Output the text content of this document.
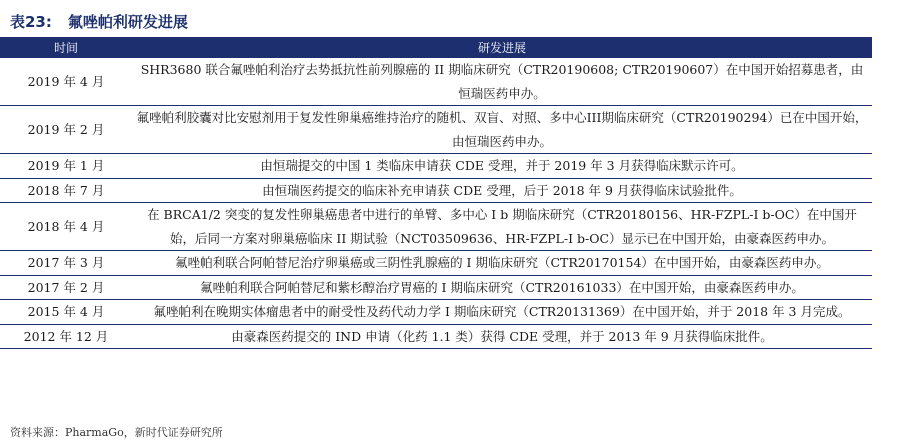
表23: 氟唑帕利研发进展
时间	研发进展
2019 年 4 月	SHR3680 联合氟唑帕利治疗去势抵抗性前列腺癌的 II 期临床研究（CTR20190608; CTR20190607）在中国开始招募患者，由恒瑞医药申办。
2019 年 2 月	氟唑帕利胶囊对比安慰剂用于复发性卵巢癌维持治疗的随机、双盲、对照、多中心III期临床研究（CTR20190294）已在中国开始，由恒瑞医药申办。
2019 年 1 月	由恒瑞提交的中国 1 类临床申请获 CDE 受理，并于 2019 年 3 月获得临床默示许可。
2018 年 7 月	由恒瑞医药提交的临床补充申请获 CDE 受理，后于 2018 年 9 月获得临床试验批件。
2018 年 4 月	在 BRCA1/2 突变的复发性卵巢癌患者中进行的单臂、多中心 I b 期临床研究（CTR20180156、HR-FZPL-I b-OC）在中国开始，后同一方案对卵巢癌临床 II 期试验（NCT03509636、HR-FZPL-I b-OC）显示已在中国开始，由豪森医药申办。
2017 年 3 月	氟唑帕利联合阿帕替尼治疗卵巢癌或三阴性乳腺癌的 I 期临床研究（CTR20170154）在中国开始，由豪森医药申办。
2017 年 2 月	氟唑帕利联合阿帕替尼和紫杉醇治疗胃癌的 I 期临床研究（CTR20161033）在中国开始，由豪森医药申办。
2015 年 4 月	氟唑帕利在晚期实体瘤患者中的耐受性及药代动力学 I 期临床研究（CTR20131369）在中国开始，并于 2018 年 3 月完成。
2012 年 12 月	由豪森医药提交的 IND 申请（化药 1.1 类）获得 CDE 受理，并于 2013 年 9 月获得临床批件。
资料来源：PharmaGo，新时代证券研究所
